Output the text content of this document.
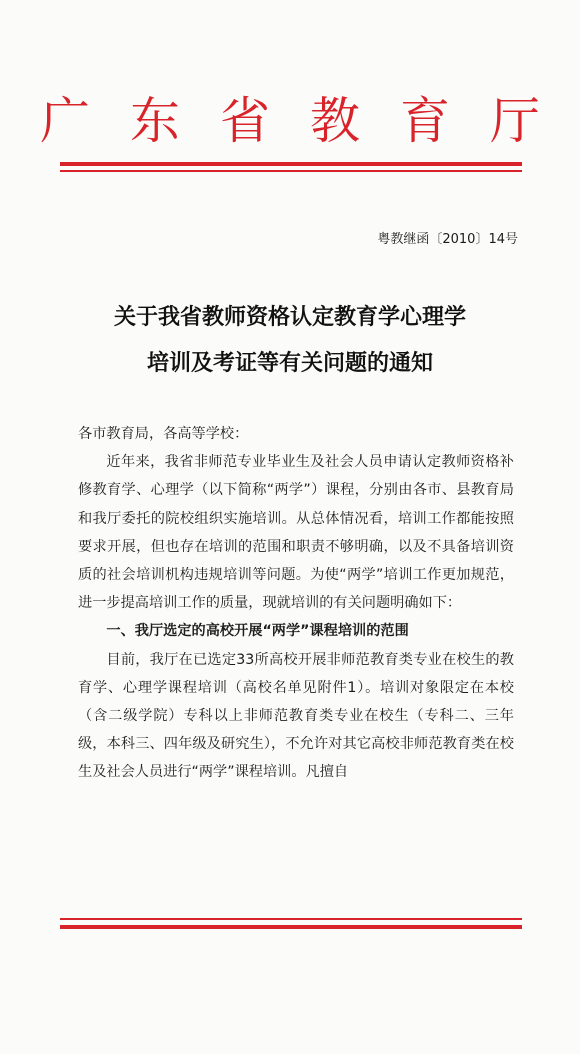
广东省教育厅
粤教继函〔2010〕14号
关于我省教师资格认定教育学心理学
培训及考证等有关问题的通知

各市教育局，各高等学校：

近年来，我省非师范专业毕业生及社会人员申请认定教师资格补修教育学、心理学（以下简称“两学”）课程，分别由各市、县教育局和我厅委托的院校组织实施培训。从总体情况看，培训工作都能按照要求开展，但也存在培训的范围和职责不够明确，以及不具备培训资质的社会培训机构违规培训等问题。为使“两学”培训工作更加规范，进一步提高培训工作的质量，现就培训的有关问题明确如下：

一、我厅选定的高校开展“两学”课程培训的范围

目前，我厅在已选定33所高校开展非师范教育类专业在校生的教育学、心理学课程培训（高校名单见附件1）。培训对象限定在本校（含二级学院）专科以上非师范教育类专业在校生（专科二、三年级，本科三、四年级及研究生），不允许对其它高校非师范教育类在校生及社会人员进行“两学”课程培训。凡擅自
